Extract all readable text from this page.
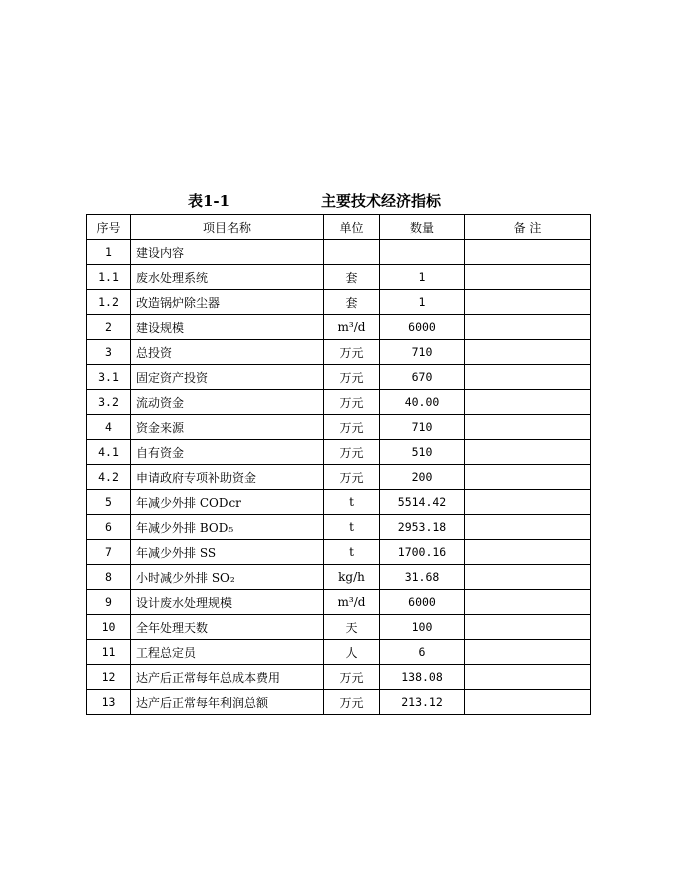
表1-1	主要技术经济指标
序号	项目名称	单位	数量	备 注
1	建设内容			
1.1	废水处理系统	套	1	
1.2	改造锅炉除尘器	套	1	
2	建设规模	m³/d	6000	
3	总投资	万元	710	
3.1	固定资产投资	万元	670	
3.2	流动资金	万元	40.00	
4	资金来源	万元	710	
4.1	自有资金	万元	510	
4.2	申请政府专项补助资金	万元	200	
5	年减少外排 CODcr	t	5514.42	
6	年减少外排 BOD₅	t	2953.18	
7	年减少外排 SS	t	1700.16	
8	小时减少外排 SO₂	kg/h	31.68	
9	设计废水处理规模	m³/d	6000	
10	全年处理天数	天	100	
11	工程总定员	人	6	
12	达产后正常每年总成本费用	万元	138.08	
13	达产后正常每年利润总额	万元	213.12	
